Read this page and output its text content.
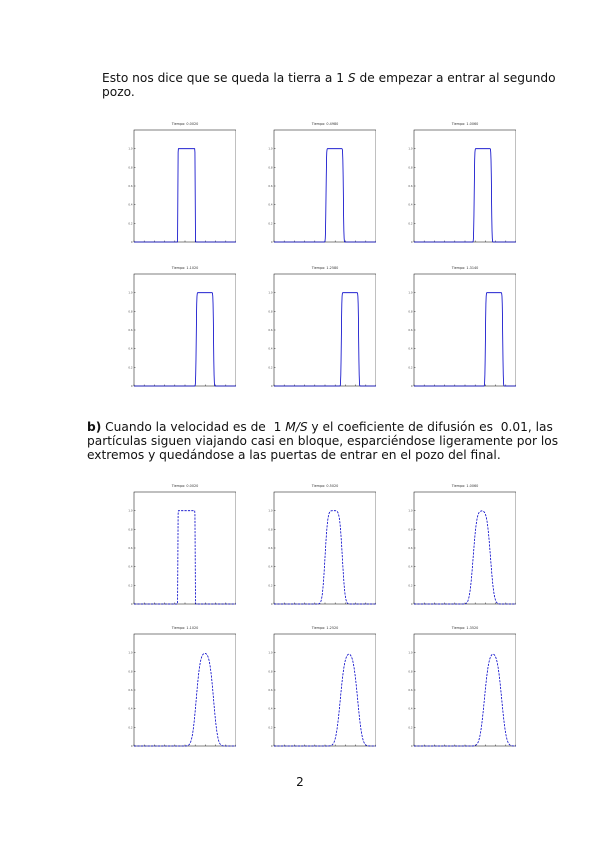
Esto nos dice que se queda la tierra a 1 S de empezar a entrar al segundo pozo.
Tiempo: 0.0020
0
0.2
0.4
0.6
0.8
1.0
Tiempo: 0.4980
0
0.2
0.4
0.6
0.8
1.0
Tiempo: 1.0060
0
0.2
0.4
0.6
0.8
1.0
Tiempo: 1.1020
0
0.2
0.4
0.6
0.8
1.0
Tiempo: 1.2580
0
0.2
0.4
0.6
0.8
1.0
Tiempo: 1.3140
0
0.2
0.4
0.6
0.8
1.0
b) Cuando la velocidad es de  1 M/S y el coeficiente de difusión es  0.01, las partículas siguen viajando casi en bloque, esparciéndose ligeramente por los extremos y quedándose a las puertas de entrar en el pozo del final.
Tiempo: 0.0020
0
0.2
0.4
0.6
0.8
1.0
Tiempo: 0.5020
0
0.2
0.4
0.6
0.8
1.0
Tiempo: 1.0060
0
0.2
0.4
0.6
0.8
1.0
Tiempo: 1.1020
0
0.2
0.4
0.6
0.8
1.0
Tiempo: 1.2520
0
0.2
0.4
0.6
0.8
1.0
Tiempo: 1.3520
0
0.2
0.4
0.6
0.8
1.0
2
